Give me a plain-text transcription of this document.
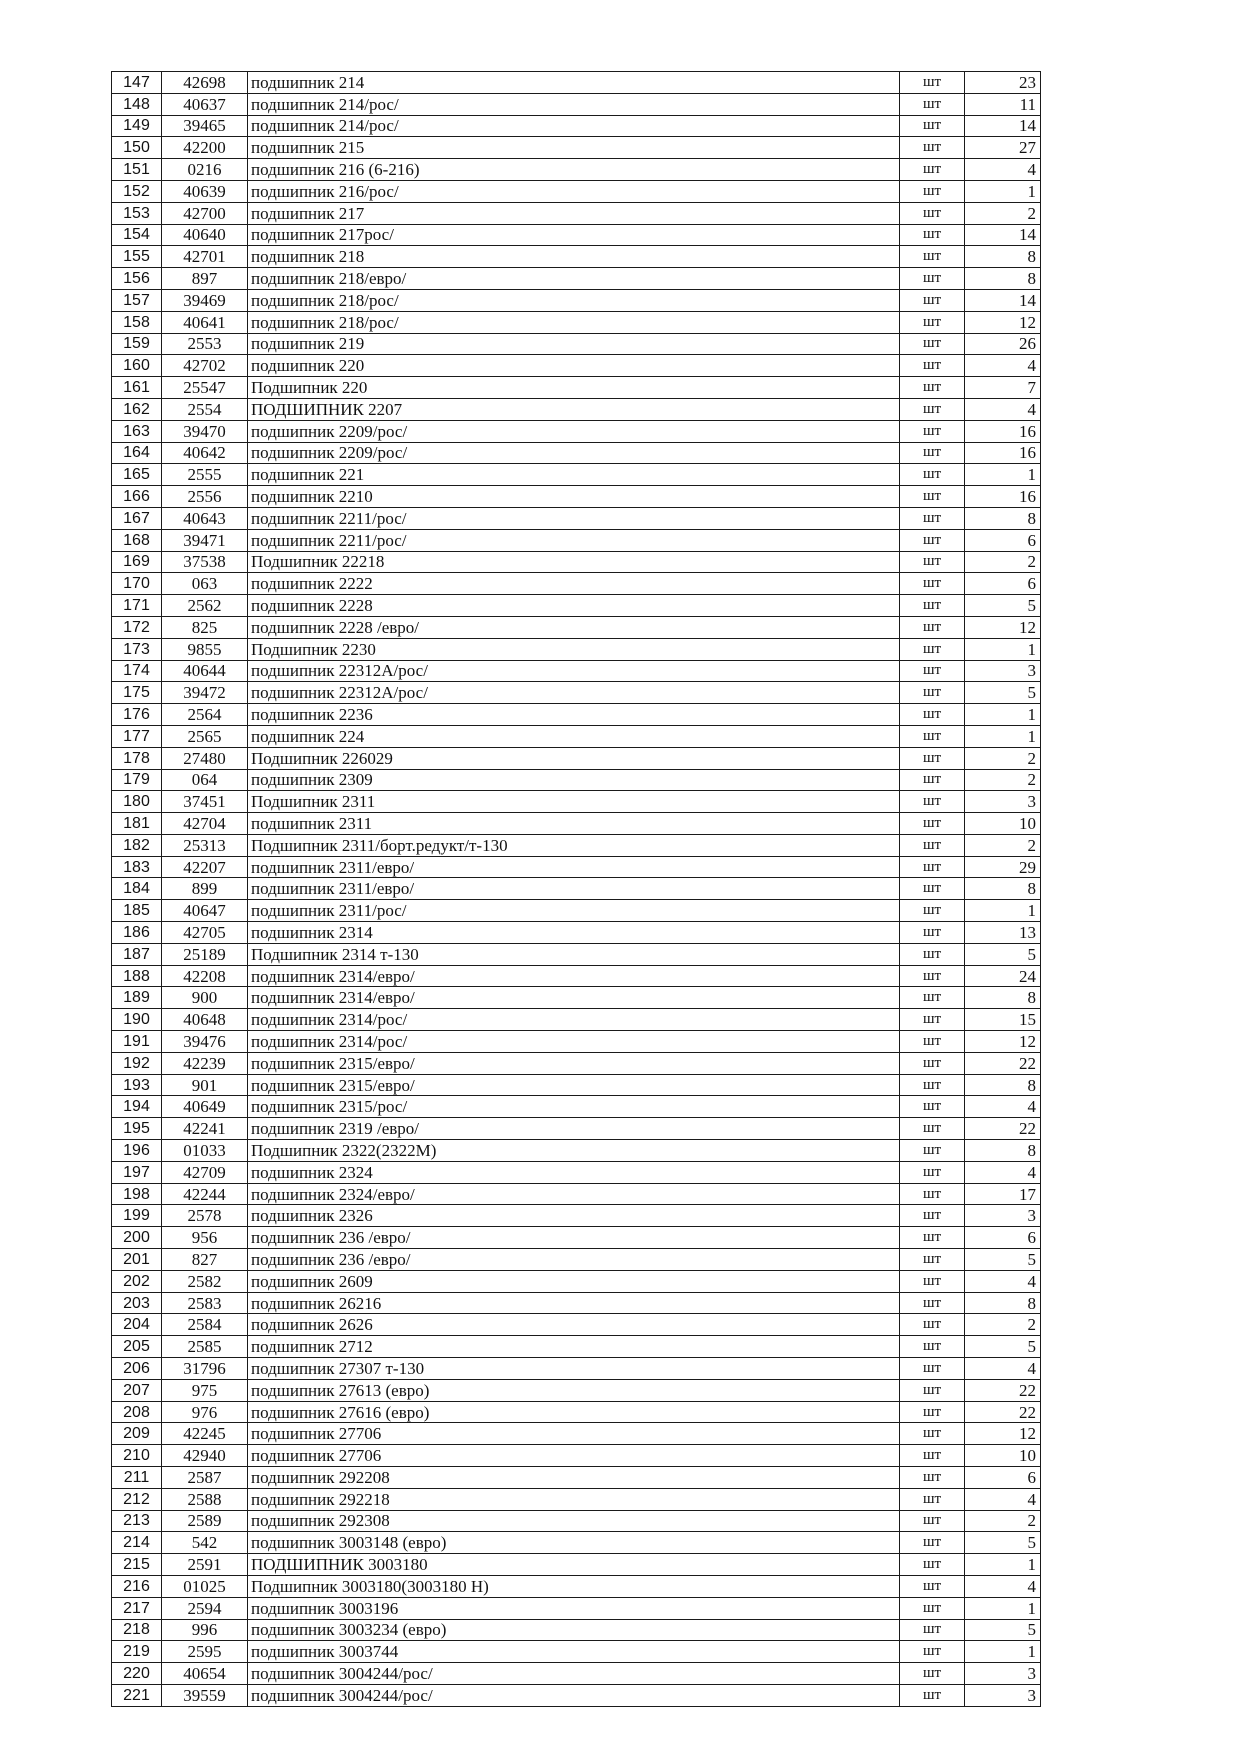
147	42698	подшипник 214	шт	23
148	40637	подшипник 214/рос/	шт	11
149	39465	подшипник 214/рос/	шт	14
150	42200	подшипник 215	шт	27
151	0216	подшипник 216 (6-216)	шт	4
152	40639	подшипник 216/рос/	шт	1
153	42700	подшипник 217	шт	2
154	40640	подшипник 217рос/	шт	14
155	42701	подшипник 218	шт	8
156	897	подшипник 218/евро/	шт	8
157	39469	подшипник 218/рос/	шт	14
158	40641	подшипник 218/рос/	шт	12
159	2553	подшипник 219	шт	26
160	42702	подшипник 220	шт	4
161	25547	Подшипник 220	шт	7
162	2554	ПОДШИПНИК 2207	шт	4
163	39470	подшипник 2209/рос/	шт	16
164	40642	подшипник 2209/рос/	шт	16
165	2555	подшипник 221	шт	1
166	2556	подшипник 2210	шт	16
167	40643	подшипник 2211/рос/	шт	8
168	39471	подшипник 2211/рос/	шт	6
169	37538	Подшипник 22218	шт	2
170	063	подшипник 2222	шт	6
171	2562	подшипник 2228	шт	5
172	825	подшипник 2228 /евро/	шт	12
173	9855	Подшипник 2230	шт	1
174	40644	подшипник 22312А/рос/	шт	3
175	39472	подшипник 22312А/рос/	шт	5
176	2564	подшипник 2236	шт	1
177	2565	подшипник 224	шт	1
178	27480	Подшипник 226029	шт	2
179	064	подшипник 2309	шт	2
180	37451	Подшипник 2311	шт	3
181	42704	подшипник 2311	шт	10
182	25313	Подшипник 2311/борт.редукт/т-130	шт	2
183	42207	подшипник 2311/евро/	шт	29
184	899	подшипник 2311/евро/	шт	8
185	40647	подшипник 2311/рос/	шт	1
186	42705	подшипник 2314	шт	13
187	25189	Подшипник 2314 т-130	шт	5
188	42208	подшипник 2314/евро/	шт	24
189	900	подшипник 2314/евро/	шт	8
190	40648	подшипник 2314/рос/	шт	15
191	39476	подшипник 2314/рос/	шт	12
192	42239	подшипник 2315/евро/	шт	22
193	901	подшипник 2315/евро/	шт	8
194	40649	подшипник 2315/рос/	шт	4
195	42241	подшипник 2319 /евро/	шт	22
196	01033	Подшипник 2322(2322М)	шт	8
197	42709	подшипник 2324	шт	4
198	42244	подшипник 2324/евро/	шт	17
199	2578	подшипник 2326	шт	3
200	956	подшипник 236 /евро/	шт	6
201	827	подшипник 236 /евро/	шт	5
202	2582	подшипник 2609	шт	4
203	2583	подшипник 26216	шт	8
204	2584	подшипник 2626	шт	2
205	2585	подшипник 2712	шт	5
206	31796	подшипник 27307 т-130	шт	4
207	975	подшипник 27613 (евро)	шт	22
208	976	подшипник 27616 (евро)	шт	22
209	42245	подшипник 27706	шт	12
210	42940	подшипник 27706	шт	10
211	2587	подшипник 292208	шт	6
212	2588	подшипник 292218	шт	4
213	2589	подшипник 292308	шт	2
214	542	подшипник 3003148 (евро)	шт	5
215	2591	ПОДШИПНИК 3003180	шт	1
216	01025	Подшипник 3003180(3003180 Н)	шт	4
217	2594	подшипник 3003196	шт	1
218	996	подшипник 3003234 (евро)	шт	5
219	2595	подшипник 3003744	шт	1
220	40654	подшипник 3004244/рос/	шт	3
221	39559	подшипник 3004244/рос/	шт	3
